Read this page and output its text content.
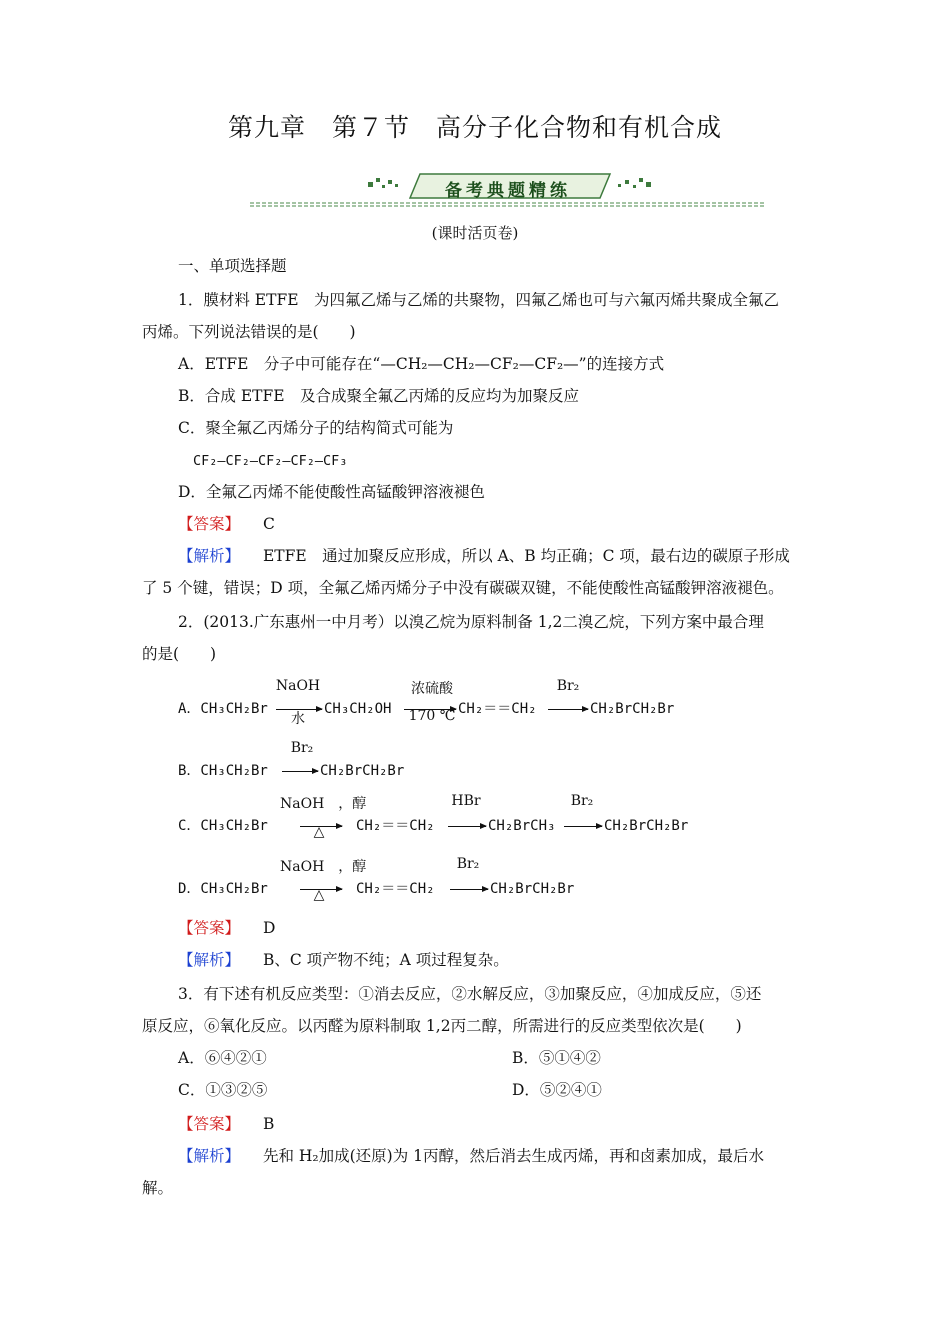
第九章　第７节　高分子化合物和有机合成
备考典题精练
(课时活页卷)
一、单项选择题
1．膜材料 ETFE　为四氟乙烯与乙烯的共聚物，四氟乙烯也可与六氟丙烯共聚成全氟乙
丙烯。下列说法错误的是(　　)
A．ETFE　分子中可能存在“—CH₂—CH₂—CF₂—CF₂—”的连接方式
B．合成 ETFE　及合成聚全氟乙丙烯的反应均为加聚反应
C．聚全氟乙丙烯分子的结构简式可能为
CF₂—CF₂—CF₂—CF₂—CF₃
D．全氟乙丙烯不能使酸性高锰酸钾溶液褪色
【答案】 C
【解析】 ETFE　通过加聚反应形成，所以 A、B 均正确；C 项，最右边的碳原子形成
了 5 个键，错误；D 项，全氟乙烯丙烯分子中没有碳碳双键，不能使酸性高锰酸钾溶液褪色。
2．(2013.广东惠州一中月考）以溴乙烷为原料制备 1,2二溴乙烷，下列方案中最合理
的是(　　)
A．CH₃CH₂Br
NaOH
水
CH₃CH₂OH
浓硫酸
170 ℃ CH₂＝＝CH₂
Br₂
→ CH₂BrCH₂Br
B．CH₃CH₂Br
Br₂
→ CH₂BrCH₂Br
C．CH₃CH₂Br
NaOH　，醇
△	CH₂＝＝CH₂
HBr
→ CH₂BrCH₃
Br₂
→ CH₂BrCH₂Br
D．CH₃CH₂Br
NaOH　，醇
△	CH₂＝＝CH₂
Br₂
→ CH₂BrCH₂Br
【答案】 D
【解析】 B、C 项产物不纯；A 项过程复杂。
3．有下述有机反应类型：①消去反应，②水解反应，③加聚反应，④加成反应，⑤还
原反应，⑥氧化反应。以丙醛为原料制取 1,2丙二醇，所需进行的反应类型依次是(　　)
A．⑥④②①	B．⑤①④②
C．①③②⑤	D．⑤②④①
【答案】 B
【解析】 先和 H₂加成(还原)为 1丙醇，然后消去生成丙烯，再和卤素加成，最后水
解。
